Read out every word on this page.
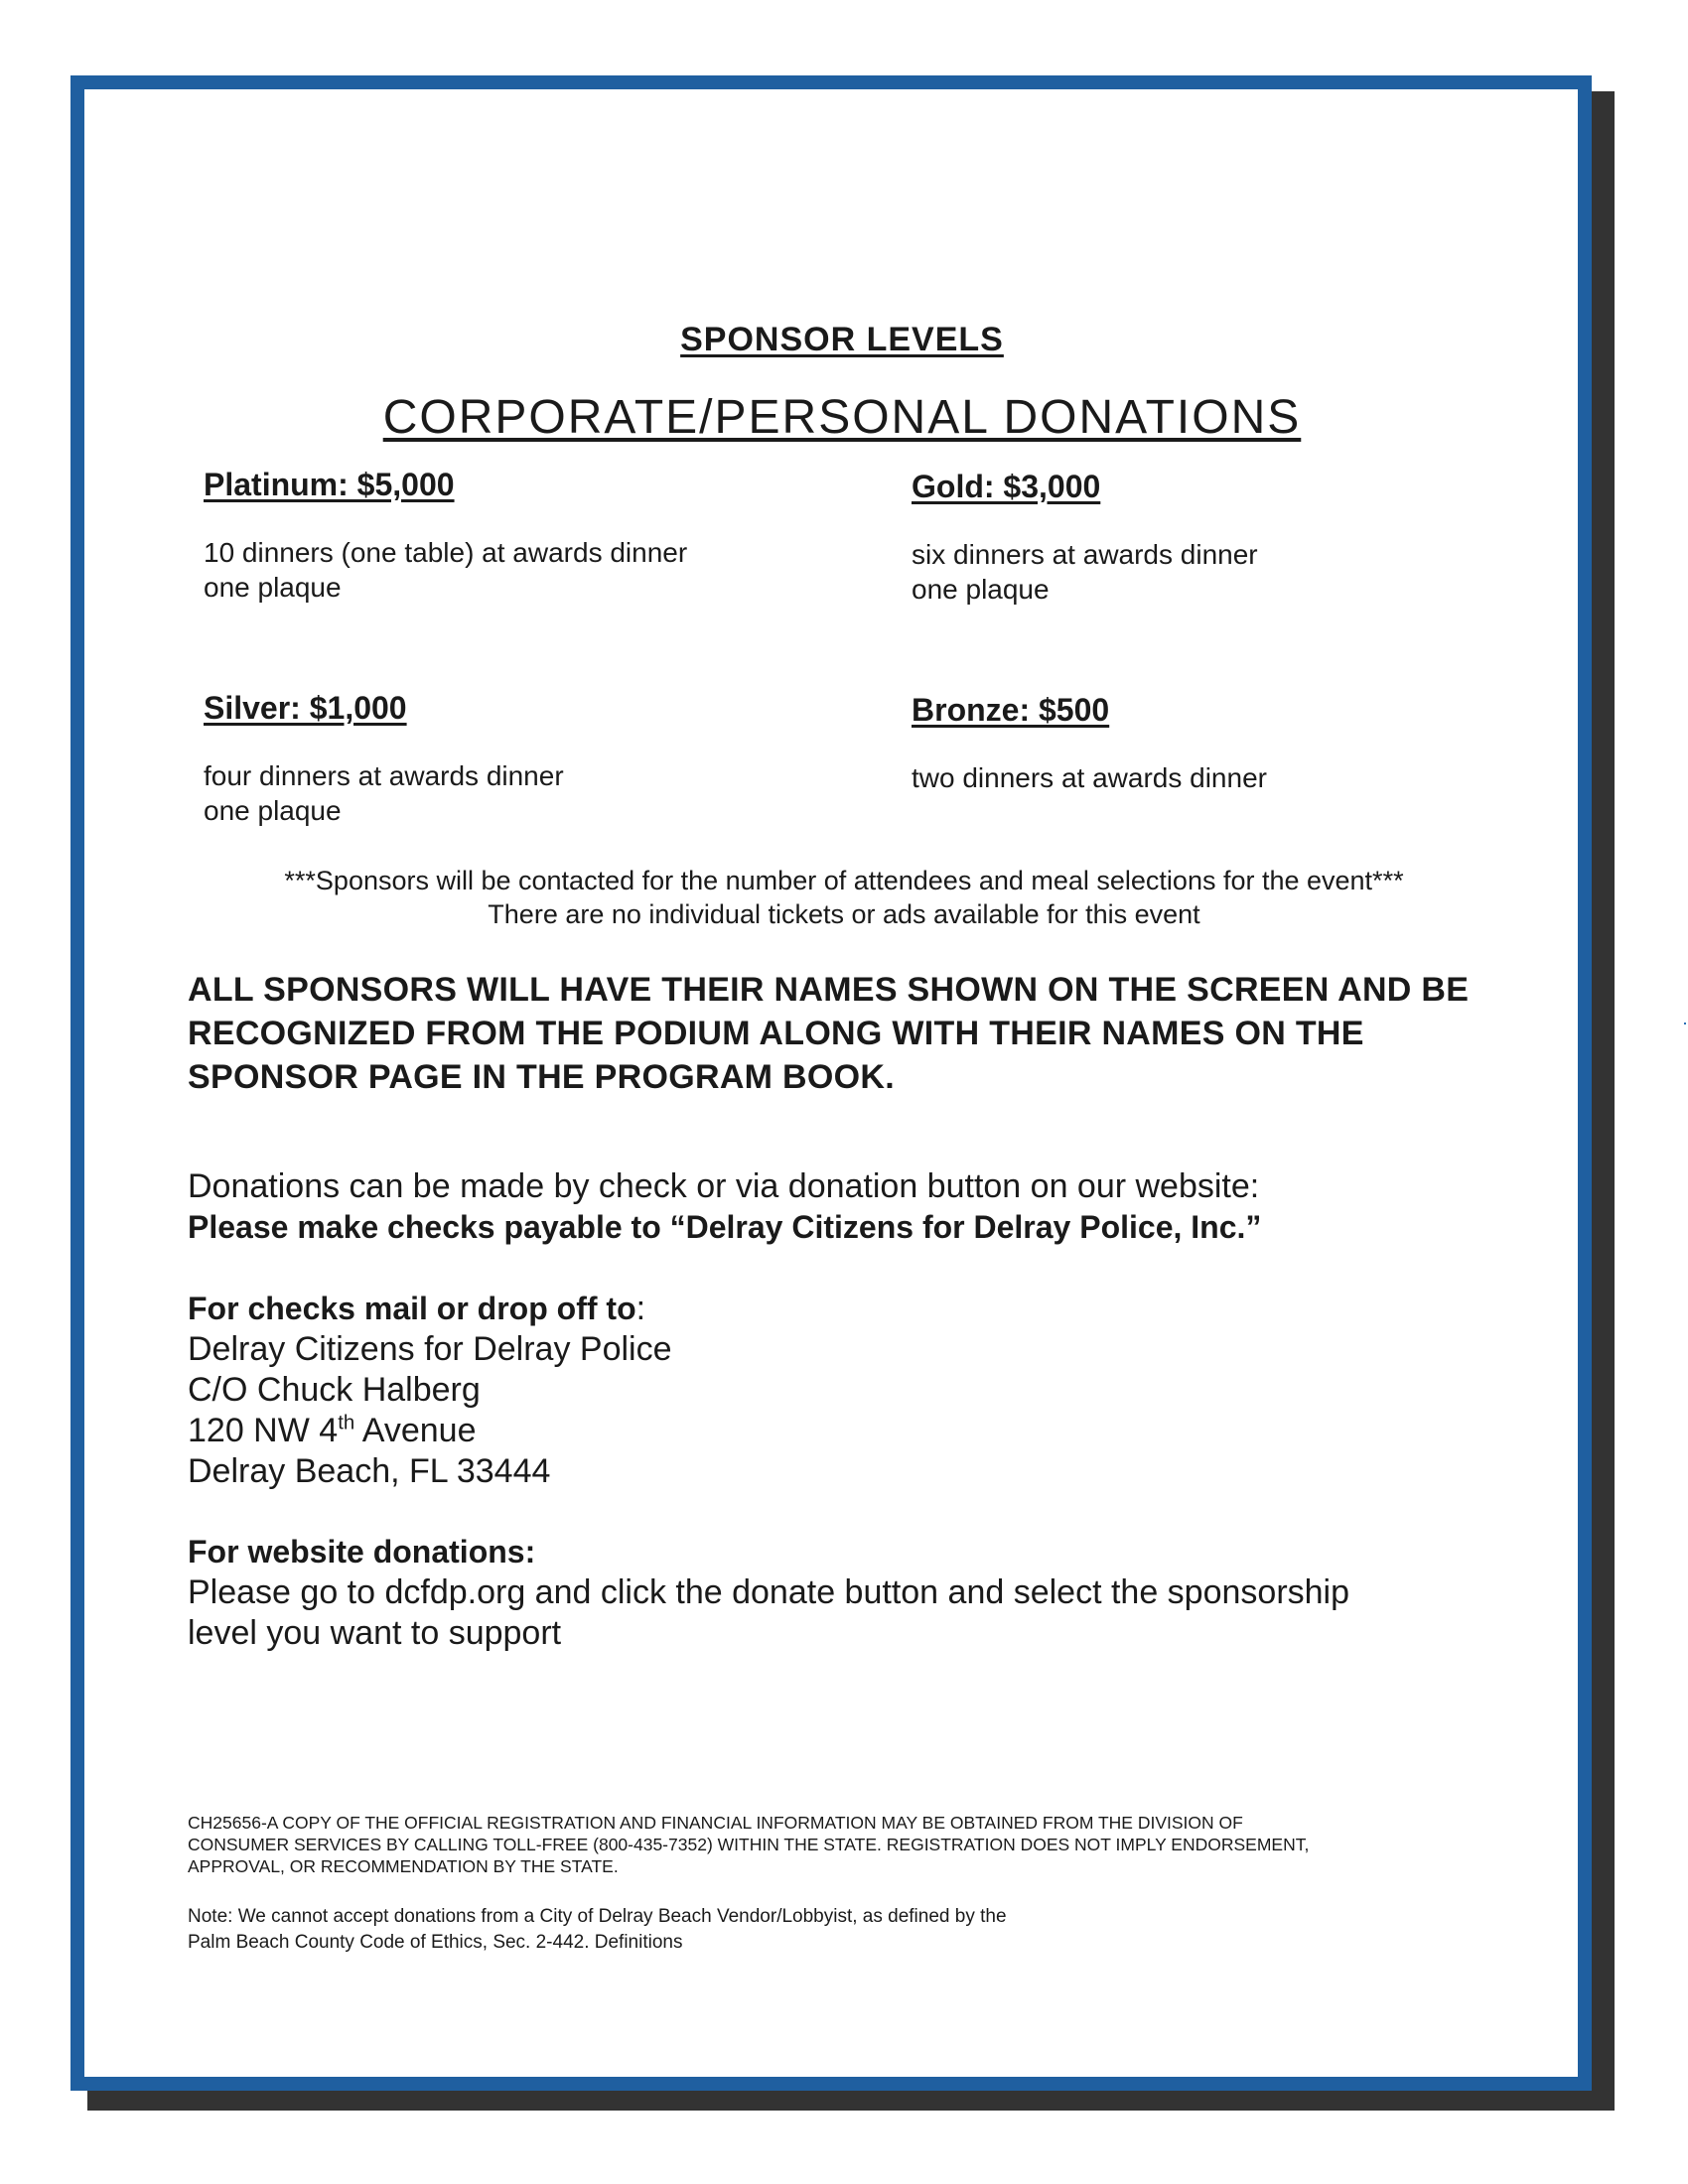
SPONSOR LEVELS
CORPORATE/PERSONAL DONATIONS

Platinum: $5,000

10 dinners (one table) at awards dinner

one plaque

Gold: $3,000

six dinners at awards dinner

one plaque

Silver: $1,000

four dinners at awards dinner

one plaque

Bronze: $500

two dinners at awards dinner

***Sponsors will be contacted for the number of attendees and meal selections for the event***
There are no individual tickets or ads available for this event
ALL SPONSORS WILL HAVE THEIR NAMES SHOWN ON THE SCREEN AND BE
RECOGNIZED FROM THE PODIUM ALONG WITH THEIR NAMES ON THE
SPONSOR PAGE IN THE PROGRAM BOOK.

Donations can be made by check or via donation button on our website:

Please make checks payable to “Delray Citizens for Delray Police, Inc.”

For checks mail or drop off to:

Delray Citizens for Delray Police

C/O Chuck Halberg

120 NW 4th Avenue

Delray Beach, FL 33444

For website donations:

Please go to dcfdp.org and click the donate button and select the sponsorship

level you want to support

CH25656-A COPY OF THE OFFICIAL REGISTRATION AND FINANCIAL INFORMATION MAY BE OBTAINED FROM THE DIVISION OF
CONSUMER SERVICES BY CALLING TOLL-FREE (800-435-7352) WITHIN THE STATE. REGISTRATION DOES NOT IMPLY ENDORSEMENT,
APPROVAL, OR RECOMMENDATION BY THE STATE.
Note: We cannot accept donations from a City of Delray Beach Vendor/Lobbyist, as defined by the
Palm Beach County Code of Ethics, Sec. 2-442. Definitions
